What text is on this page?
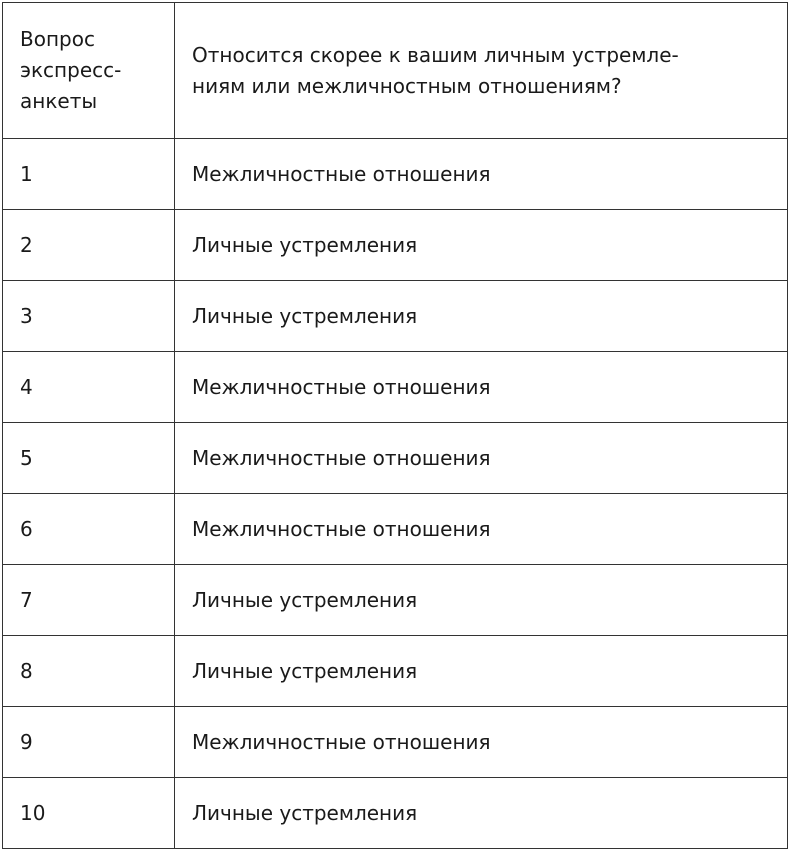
Вопрос
экспресс-
анкеты	Относится скорее к вашим личным устремле-
ниям или межличностным отношениям?
1	Межличностные отношения
2	Личные устремления
3	Личные устремления
4	Межличностные отношения
5	Межличностные отношения
6	Межличностные отношения
7	Личные устремления
8	Личные устремления
9	Межличностные отношения
10	Личные устремления
